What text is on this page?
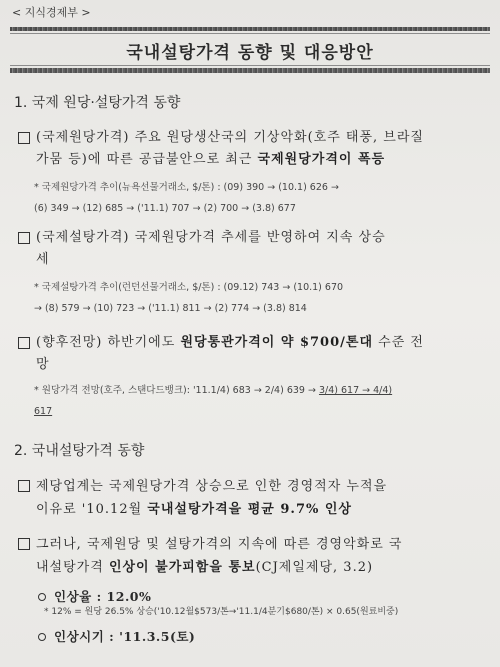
< 지식경제부 >
국내설탕가격 동향 및 대응방안
1. 국제 원당·설탕가격 동향
(국제원당가격) 주요 원당생산국의 기상악화(호주 태풍, 브라질
가뭄 등)에 따른 공급불안으로 최근 국제원당가격이 폭등
* 국제원당가격 추이(뉴욕선물거래소, $/톤) : (09) 390 → (10.1) 626 →
(6) 349 → (12) 685 → ('11.1) 707 → (2) 700 → (3.8) 677
(국제설탕가격) 국제원당가격 추세를 반영하여 지속 상승
세
* 국제설탕가격 추이(런던선물거래소, $/톤) : (09.12) 743 → (10.1) 670
→ (8) 579 → (10) 723 → ('11.1) 811 → (2) 774 → (3.8) 814
(향후전망) 하반기에도 원당통관가격이 약 $700/톤대 수준 전
망
* 원당가격 전망(호주, 스탠다드뱅크): '11.1/4) 683 → 2/4) 639 → 3/4) 617 → 4/4)
617
2. 국내설탕가격 동향
제당업계는 국제원당가격 상승으로 인한 경영적자 누적을
이유로 '10.12월 국내설탕가격을 평균 9.7% 인상
그러나, 국제원당 및 설탕가격의 지속에 따른 경영악화로 국
내설탕가격 인상이 불가피함을 통보(CJ제일제당, 3.2)
인상율 : 12.0%
* 12% = 원당 26.5% 상승('10.12월$573/톤→'11.1/4분기$680/톤) × 0.65(원료비중)
인상시기 : '11.3.5(토)
